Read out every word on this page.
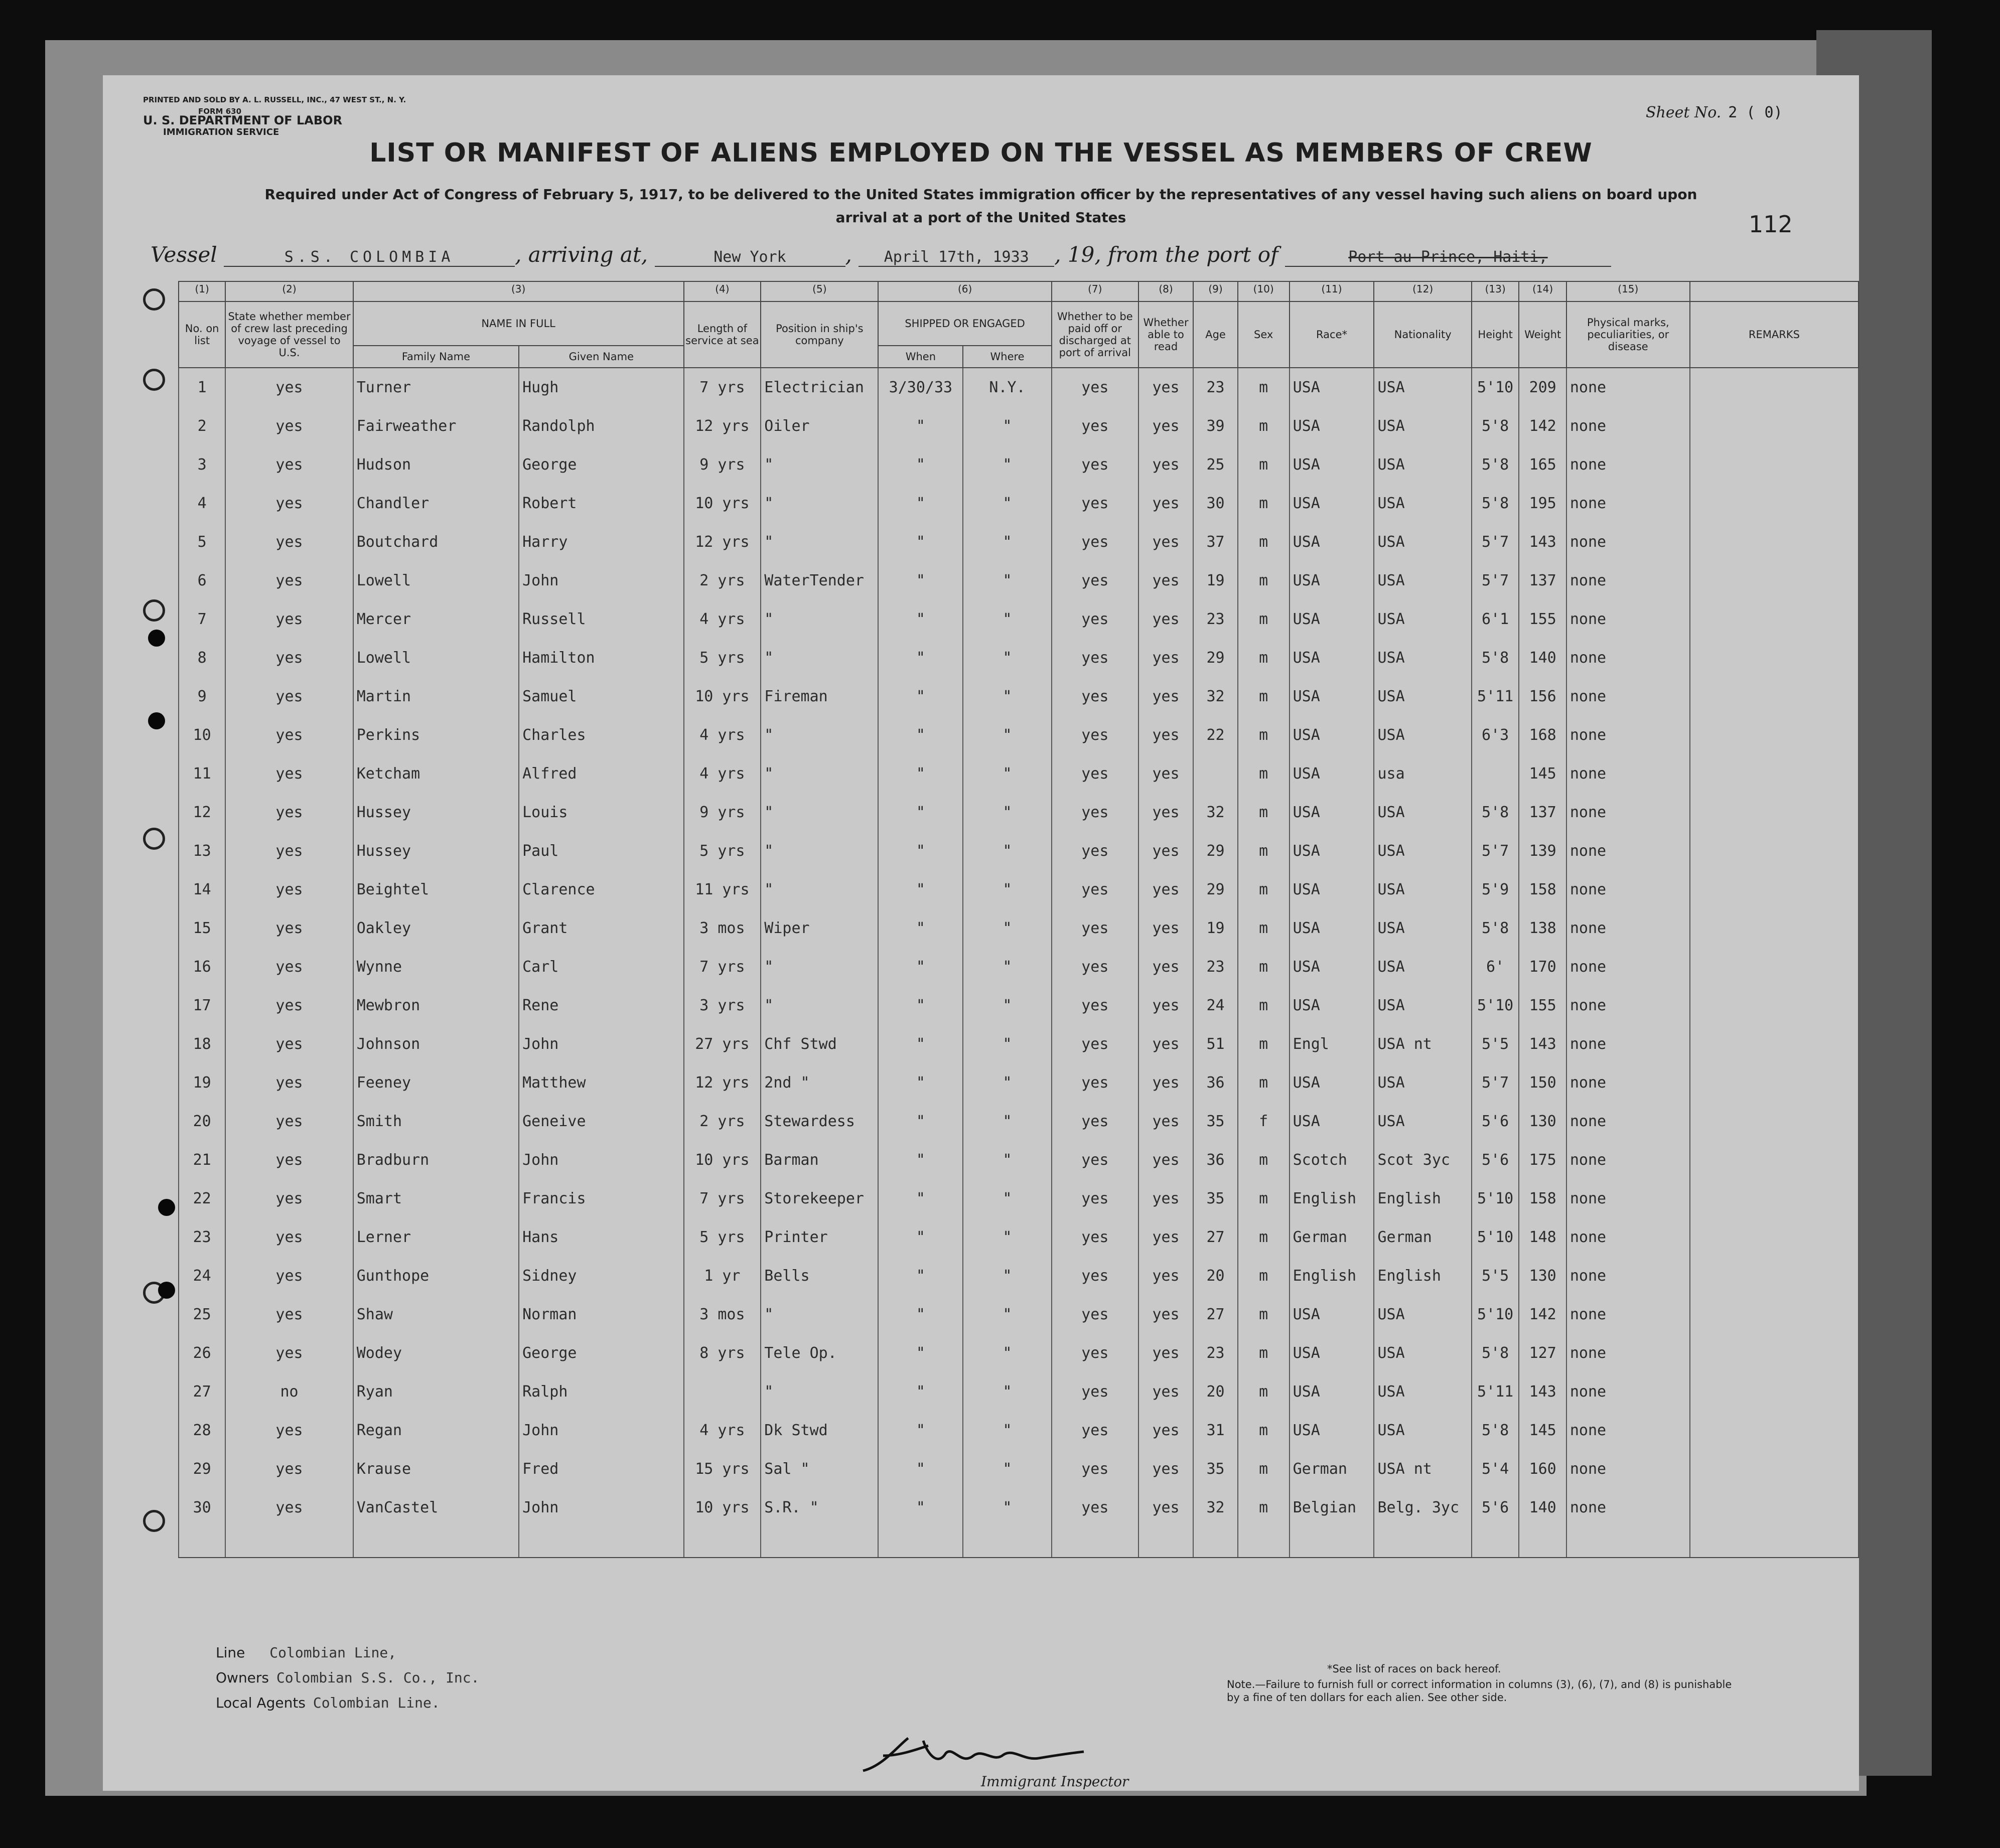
PRINTED AND SOLD BY A. L. RUSSELL, INC., 47 WEST ST., N. Y.
FORM 630
U. S. DEPARTMENT OF LABOR
IMMIGRATION SERVICE
Sheet No. 2 ( 0)
LIST OR MANIFEST OF ALIENS EMPLOYED ON THE VESSEL AS MEMBERS OF CREW
Required under Act of Congress of February 5, 1917, to be delivered to the United States immigration officer by the representatives of any vessel having such aliens on board upon arrival at a port of the United States	112
Vessel	S.S. COLOMBIA	, arriving at,	New York	, April 17th, 1933 , 19, from the port of	Port-au-Prince, Haiti,
(1)	(2)	(3)		(4)	(5)	(6)		(7)	(8)	(9)	(10)	(11)	(12)	(13)	(14)	(15)	
No. on list	State whether member of crew last preceding voyage of vessel to U.S.	NAME IN FULL		Length of service at sea	Position in ship's company	SHIPPED OR ENGAGED		Whether to be paid off or discharged at port of arrival	Whether able to read	Age	Sex	Race*	Nationality	Height	Weight	Physical marks, peculiarities, or disease	REMARKS
		Family Name	Given Name			When	Where										
1	yes	Turner	Hugh	7 yrs	Electrician	3/30/33	N.Y.	yes	yes	23	m	USA	USA	5'10	209	none	
2	yes	Fairweather	Randolph	12 yrs	Oiler	"	"	yes	yes	39	m	USA	USA	5'8	142	none	
3	yes	Hudson	George	9 yrs	"	"	"	yes	yes	25	m	USA	USA	5'8	165	none	
4	yes	Chandler	Robert	10 yrs	"	"	"	yes	yes	30	m	USA	USA	5'8	195	none	
5	yes	Boutchard	Harry	12 yrs	"	"	"	yes	yes	37	m	USA	USA	5'7	143	none	
6	yes	Lowell	John	2 yrs	WaterTender	"	"	yes	yes	19	m	USA	USA	5'7	137	none	
7	yes	Mercer	Russell	4 yrs	"	"	"	yes	yes	23	m	USA	USA	6'1	155	none	
8	yes	Lowell	Hamilton	5 yrs	"	"	"	yes	yes	29	m	USA	USA	5'8	140	none	
9	yes	Martin	Samuel	10 yrs	Fireman	"	"	yes	yes	32	m	USA	USA	5'11	156	none	
10	yes	Perkins	Charles	4 yrs	"	"	"	yes	yes	22	m	USA	USA	6'3	168	none	
11	yes	Ketcham	Alfred	4 yrs	"	"	"	yes	yes		m	USA	usa		145	none	
12	yes	Hussey	Louis	9 yrs	"	"	"	yes	yes	32	m	USA	USA	5'8	137	none	
13	yes	Hussey	Paul	5 yrs	"	"	"	yes	yes	29	m	USA	USA	5'7	139	none	
14	yes	Beightel	Clarence	11 yrs	"	"	"	yes	yes	29	m	USA	USA	5'9	158	none	
15	yes	Oakley	Grant	3 mos	Wiper	"	"	yes	yes	19	m	USA	USA	5'8	138	none	
16	yes	Wynne	Carl	7 yrs	"	"	"	yes	yes	23	m	USA	USA	6'	170	none	
17	yes	Mewbron	Rene	3 yrs	"	"	"	yes	yes	24	m	USA	USA	5'10	155	none	
18	yes	Johnson	John	27 yrs	Chf Stwd	"	"	yes	yes	51	m	Engl	USA nt	5'5	143	none	
19	yes	Feeney	Matthew	12 yrs	2nd "	"	"	yes	yes	36	m	USA	USA	5'7	150	none	
20	yes	Smith	Geneive	2 yrs	Stewardess	"	"	yes	yes	35	f	USA	USA	5'6	130	none	
21	yes	Bradburn	John	10 yrs	Barman	"	"	yes	yes	36	m	Scotch	Scot 3yc	5'6	175	none	
22	yes	Smart	Francis	7 yrs	Storekeeper	"	"	yes	yes	35	m	English	English	5'10	158	none	
23	yes	Lerner	Hans	5 yrs	Printer	"	"	yes	yes	27	m	German	German	5'10	148	none	
24	yes	Gunthope	Sidney	1 yr	Bells	"	"	yes	yes	20	m	English	English	5'5	130	none	
25	yes	Shaw	Norman	3 mos	"	"	"	yes	yes	27	m	USA	USA	5'10	142	none	
26	yes	Wodey	George	8 yrs	Tele Op.	"	"	yes	yes	23	m	USA	USA	5'8	127	none	
27	no	Ryan	Ralph		"	"	"	yes	yes	20	m	USA	USA	5'11	143	none	
28	yes	Regan	John	4 yrs	Dk Stwd	"	"	yes	yes	31	m	USA	USA	5'8	145	none	
29	yes	Krause	Fred	15 yrs	Sal "	"	"	yes	yes	35	m	German	USA nt	5'4	160	none	
30	yes	VanCastel	John	10 yrs	S.R. "	"	"	yes	yes	32	m	Belgian	Belg. 3yc	5'6	140	none	

Line Colombian Line,
Owners Colombian S.S. Co., Inc.
Local Agents Colombian Line.
Immigrant Inspector
*See list of races on back hereof.
Note.—Failure to furnish full or correct information in columns (3), (6), (7), and (8) is punishable by a fine of ten dollars for each alien. See other side.
